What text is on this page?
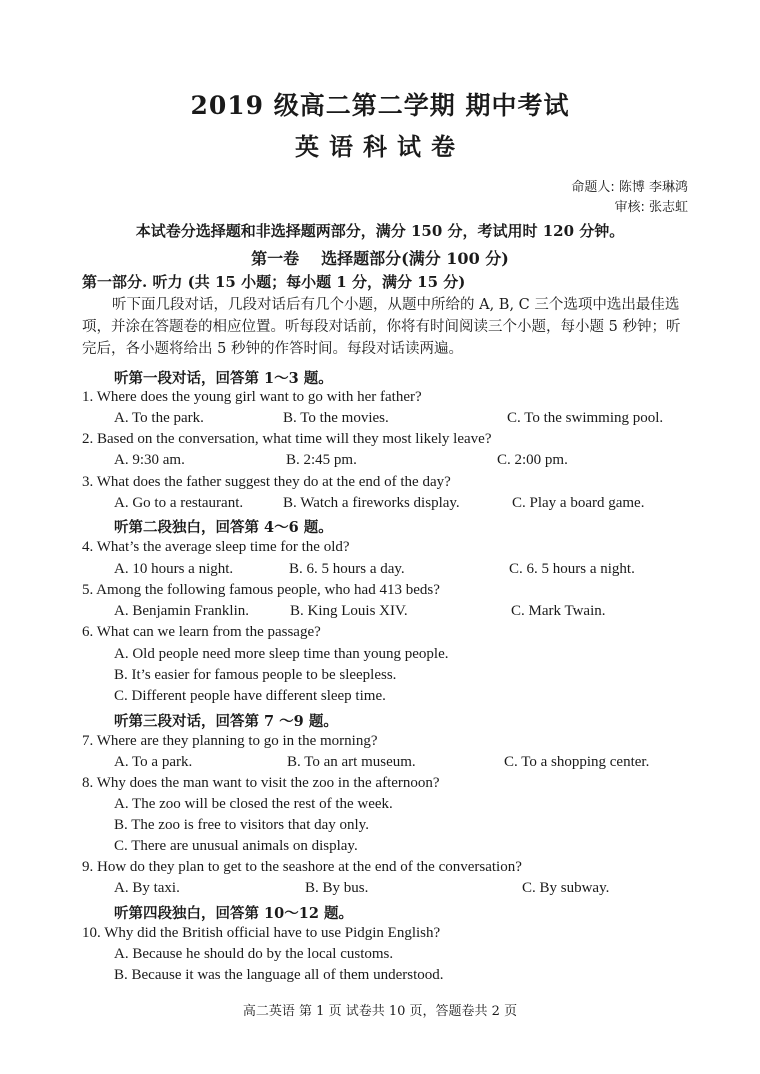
2019 级高二第二学期 期中考试
英语科试卷
命题人: 陈博 李琳鸿
审核: 张志虹
本试卷分选择题和非选择题两部分，满分 150 分，考试用时 120 分钟。
第一卷 选择题部分(满分 100 分)
第一部分. 听力 (共 15 小题；每小题 1 分，满分 15 分)
听下面几段对话，几段对话后有几个小题，从题中所给的 A, B, C 三个选项中选出最佳选项，并涂在答题卷的相应位置。听每段对话前，你将有时间阅读三个小题，每小题 5 秒钟；听完后，各小题将给出 5 秒钟的作答时间。每段对话读两遍。
听第一段对话，回答第 1～3 题。
1. Where does the young girl want to go with her father?
A. To the park.	B. To the movies.	C. To the swimming pool.
2. Based on the conversation, what time will they most likely leave?
A. 9:30 am.	B. 2:45 pm.	C. 2:00 pm.
3. What does the father suggest they do at the end of the day?
A. Go to a restaurant.	B. Watch a fireworks display.	C. Play a board game.
听第二段独白，回答第 4～6 题。
4. What’s the average sleep time for the old?
A. 10 hours a night.	B. 6. 5 hours a day.	C. 6. 5 hours a night.
5. Among the following famous people, who had 413 beds?
A. Benjamin Franklin.	B. King Louis XIV.	C. Mark Twain.
6. What can we learn from the passage?
A. Old people need more sleep time than young people.
B. It’s easier for famous people to be sleepless.
C. Different people have different sleep time.
听第三段对话，回答第 7 ～9 题。
7. Where are they planning to go in the morning?
A. To a park.	B. To an art museum.	C. To a shopping center.
8. Why does the man want to visit the zoo in the afternoon?
A. The zoo will be closed the rest of the week.
B. The zoo is free to visitors that day only.
C. There are unusual animals on display.
9. How do they plan to get to the seashore at the end of the conversation?
A. By taxi.	B. By bus.	C. By subway.
听第四段独白，回答第 10～12 题。
10. Why did the British official have to use Pidgin English?
A. Because he should do by the local customs.
B. Because it was the language all of them understood.
高二英语 第 1 页 试卷共 10 页，答题卷共 2 页
